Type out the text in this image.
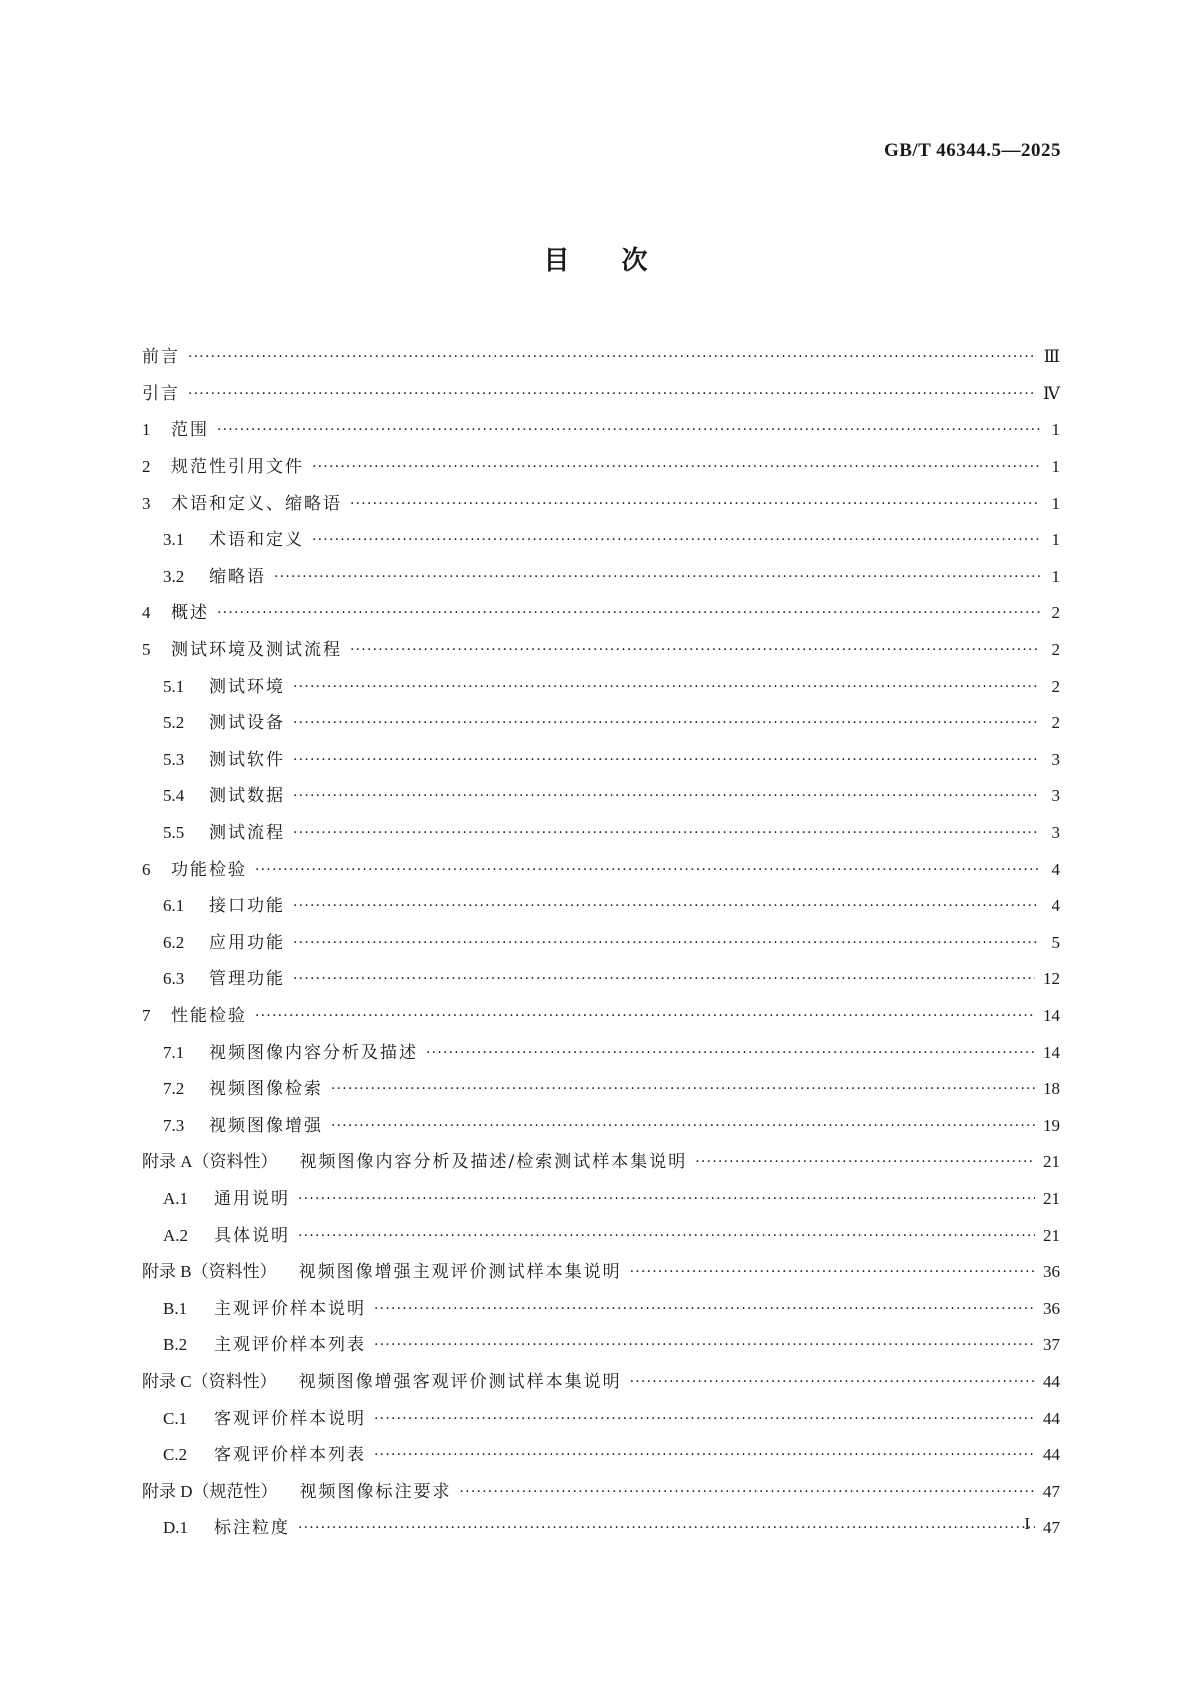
GB/T 46344.5—2025
目次
前言 ·····	Ⅲ
引言 ·····	Ⅳ
1	范围 ·····	1
2	规范性引用文件 ·····	1
3	术语和定义、缩略语 ·····	1
3.1	术语和定义 ·····	1
3.2	缩略语 ·····	1
4	概述 ·····	2
5	测试环境及测试流程 ·····	2
5.1	测试环境 ·····	2
5.2	测试设备 ·····	2
5.3	测试软件 ·····	3
5.4	测试数据 ·····	3
5.5	测试流程 ·····	3
6	功能检验 ·····	4
6.1	接口功能 ·····	4
6.2	应用功能 ·····	5
6.3	管理功能 ·····	12
7	性能检验 ·····	14
7.1	视频图像内容分析及描述 ·····	14
7.2	视频图像检索 ·····	18
7.3	视频图像增强 ·····	19
附录 A（资料性） 视频图像内容分析及描述/检索测试样本集说明 ·····	21
A.1	通用说明 ·····	21
A.2	具体说明 ·····	21
附录 B（资料性） 视频图像增强主观评价测试样本集说明 ·····	36
B.1	主观评价样本说明 ·····	36
B.2	主观评价样本列表 ·····	37
附录 C（资料性） 视频图像增强客观评价测试样本集说明 ·····	44
C.1	客观评价样本说明 ·····	44
C.2	客观评价样本列表 ·····	44
附录 D（规范性） 视频图像标注要求 ·····	47
D.1	标注粒度 ·····	47
I
